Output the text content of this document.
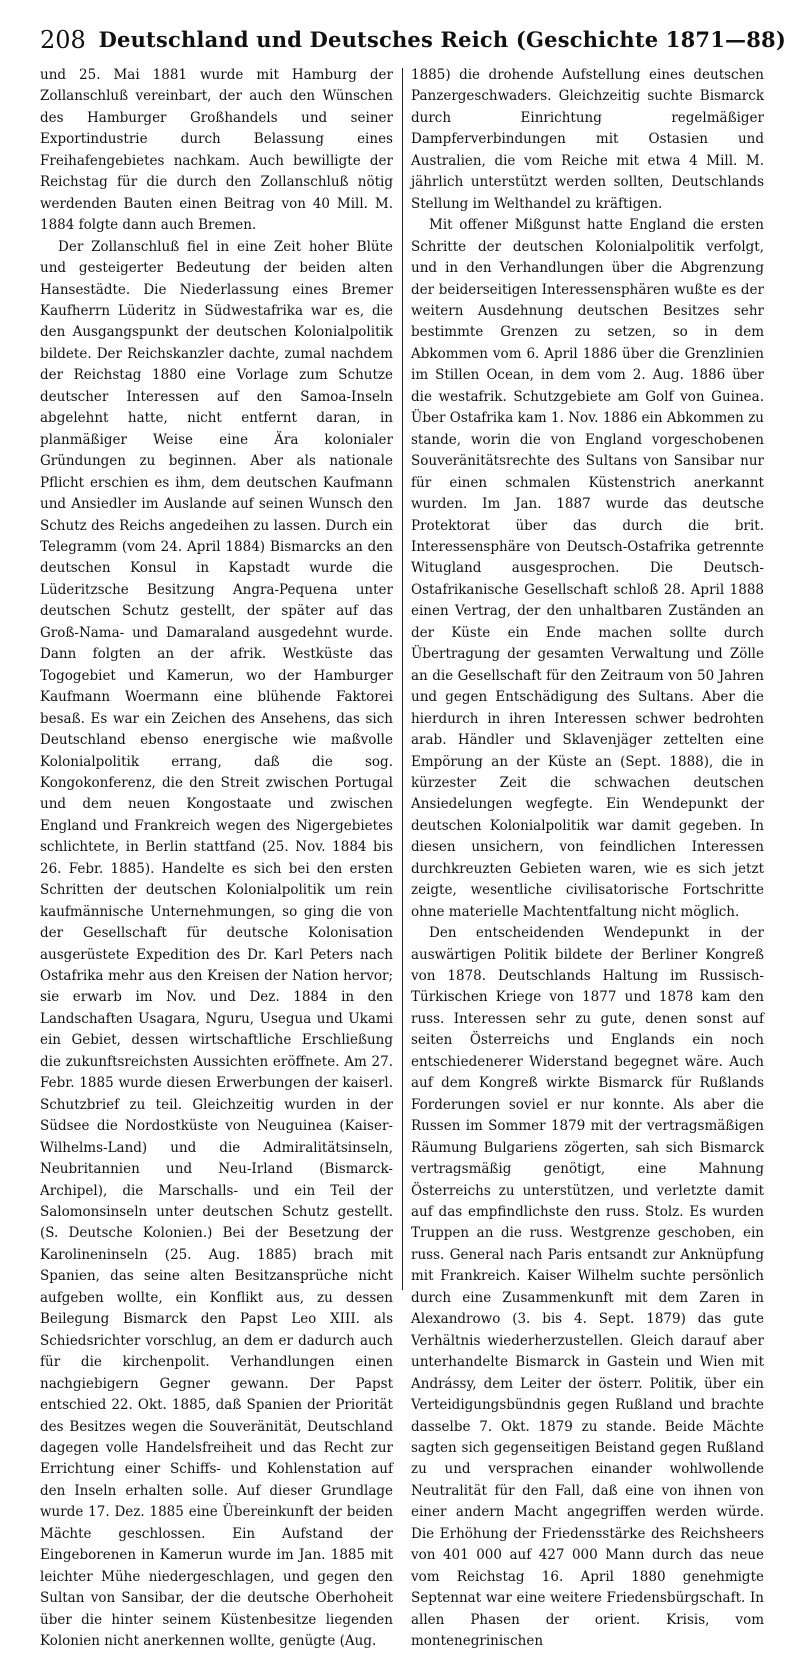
208 Deutschland und Deutsches Reich (Geschichte 1871—88)

und 25. Mai 1881 wurde mit Hamburg der Zollanschluß vereinbart, der auch den Wünschen des Hamburger Großhandels und seiner Exportindustrie durch Belassung eines Freihafengebietes nachkam. Auch bewilligte der Reichstag für die durch den Zollanschluß nötig werdenden Bauten einen Beitrag von 40 Mill. M. 1884 folgte dann auch Bremen.

Der Zollanschluß fiel in eine Zeit hoher Blüte und gesteigerter Bedeutung der beiden alten Hansestädte. Die Niederlassung eines Bremer Kaufherrn Lüderitz in Südwestafrika war es, die den Ausgangspunkt der deutschen Kolonialpolitik bildete. Der Reichskanzler dachte, zumal nachdem der Reichstag 1880 eine Vorlage zum Schutze deutscher Interessen auf den Samoa-Inseln abgelehnt hatte, nicht entfernt daran, in planmäßiger Weise eine Ära kolonialer Gründungen zu beginnen. Aber als nationale Pflicht erschien es ihm, dem deutschen Kaufmann und Ansiedler im Auslande auf seinen Wunsch den Schutz des Reichs angedeihen zu lassen. Durch ein Telegramm (vom 24. April 1884) Bismarcks an den deutschen Konsul in Kapstadt wurde die Lüderitzsche Besitzung Angra-Pequena unter deutschen Schutz gestellt, der später auf das Groß-Nama- und Damaraland ausgedehnt wurde. Dann folgten an der afrik. Westküste das Togogebiet und Kamerun, wo der Hamburger Kaufmann Woermann eine blühende Faktorei besaß. Es war ein Zeichen des Ansehens, das sich Deutschland ebenso energische wie maßvolle Kolonialpolitik errang, daß die sog. Kongokonferenz, die den Streit zwischen Portugal und dem neuen Kongostaate und zwischen England und Frankreich wegen des Nigergebietes schlichtete, in Berlin stattfand (25. Nov. 1884 bis 26. Febr. 1885). Handelte es sich bei den ersten Schritten der deutschen Kolonialpolitik um rein kaufmännische Unternehmungen, so ging die von der Gesellschaft für deutsche Kolonisation ausgerüstete Expedition des Dr. Karl Peters nach Ostafrika mehr aus den Kreisen der Nation hervor; sie erwarb im Nov. und Dez. 1884 in den Landschaften Usagara, Nguru, Usegua und Ukami ein Gebiet, dessen wirtschaftliche Erschließung die zukunftsreichsten Aussichten eröffnete. Am 27. Febr. 1885 wurde diesen Erwerbungen der kaiserl. Schutzbrief zu teil. Gleichzeitig wurden in der Südsee die Nordostküste von Neuguinea (Kaiser-Wilhelms-Land) und die Admiralitätsinseln, Neubritannien und Neu-Irland (Bismarck-Archipel), die Marschalls- und ein Teil der Salomonsinseln unter deutschen Schutz gestellt. (S. Deutsche Kolonien.) Bei der Besetzung der Karolineninseln (25. Aug. 1885) brach mit Spanien, das seine alten Besitzansprüche nicht aufgeben wollte, ein Konflikt aus, zu dessen Beilegung Bismarck den Papst Leo XIII. als Schiedsrichter vorschlug, an dem er dadurch auch für die kirchenpolit. Verhandlungen einen nachgiebigern Gegner gewann. Der Papst entschied 22. Okt. 1885, daß Spanien der Priorität des Besitzes wegen die Souveränität, Deutschland dagegen volle Handelsfreiheit und das Recht zur Errichtung einer Schiffs- und Kohlenstation auf den Inseln erhalten solle. Auf dieser Grundlage wurde 17. Dez. 1885 eine Übereinkunft der beiden Mächte geschlossen. Ein Aufstand der Eingeborenen in Kamerun wurde im Jan. 1885 mit leichter Mühe niedergeschlagen, und gegen den Sultan von Sansibar, der die deutsche Oberhoheit über die hinter seinem Küstenbesitze liegenden Kolonien nicht anerkennen wollte, genügte (Aug.

1885) die drohende Aufstellung eines deutschen Panzergeschwaders. Gleichzeitig suchte Bismarck durch Einrichtung regelmäßiger Dampferverbindungen mit Ostasien und Australien, die vom Reiche mit etwa 4 Mill. M. jährlich unterstützt werden sollten, Deutschlands Stellung im Welthandel zu kräftigen.

Mit offener Mißgunst hatte England die ersten Schritte der deutschen Kolonialpolitik verfolgt, und in den Verhandlungen über die Abgrenzung der beiderseitigen Interessensphären wußte es der weitern Ausdehnung deutschen Besitzes sehr bestimmte Grenzen zu setzen, so in dem Abkommen vom 6. April 1886 über die Grenzlinien im Stillen Ocean, in dem vom 2. Aug. 1886 über die westafrik. Schutzgebiete am Golf von Guinea. Über Ostafrika kam 1. Nov. 1886 ein Abkommen zu stande, worin die von England vorgeschobenen Souveränitätsrechte des Sultans von Sansibar nur für einen schmalen Küstenstrich anerkannt wurden. Im Jan. 1887 wurde das deutsche Protektorat über das durch die brit. Interessensphäre von Deutsch-Ostafrika getrennte Witugland ausgesprochen. Die Deutsch-Ostafrikanische Gesellschaft schloß 28. April 1888 einen Vertrag, der den unhaltbaren Zuständen an der Küste ein Ende machen sollte durch Übertragung der gesamten Verwaltung und Zölle an die Gesellschaft für den Zeitraum von 50 Jahren und gegen Entschädigung des Sultans. Aber die hierdurch in ihren Interessen schwer bedrohten arab. Händler und Sklavenjäger zettelten eine Empörung an der Küste an (Sept. 1888), die in kürzester Zeit die schwachen deutschen Ansiedelungen wegfegte. Ein Wendepunkt der deutschen Kolonialpolitik war damit gegeben. In diesen unsichern, von feindlichen Interessen durchkreuzten Gebieten waren, wie es sich jetzt zeigte, wesentliche civilisatorische Fortschritte ohne materielle Machtentfaltung nicht möglich.

Den entscheidenden Wendepunkt in der auswärtigen Politik bildete der Berliner Kongreß von 1878. Deutschlands Haltung im Russisch-Türkischen Kriege von 1877 und 1878 kam den russ. Interessen sehr zu gute, denen sonst auf seiten Österreichs und Englands ein noch entschiedenerer Widerstand begegnet wäre. Auch auf dem Kongreß wirkte Bismarck für Rußlands Forderungen soviel er nur konnte. Als aber die Russen im Sommer 1879 mit der vertragsmäßigen Räumung Bulgariens zögerten, sah sich Bismarck vertragsmäßig genötigt, eine Mahnung Österreichs zu unterstützen, und verletzte damit auf das empfindlichste den russ. Stolz. Es wurden Truppen an die russ. Westgrenze geschoben, ein russ. General nach Paris entsandt zur Anknüpfung mit Frankreich. Kaiser Wilhelm suchte persönlich durch eine Zusammenkunft mit dem Zaren in Alexandrowo (3. bis 4. Sept. 1879) das gute Verhältnis wiederherzustellen. Gleich darauf aber unterhandelte Bismarck in Gastein und Wien mit Andrássy, dem Leiter der österr. Politik, über ein Verteidigungsbündnis gegen Rußland und brachte dasselbe 7. Okt. 1879 zu stande. Beide Mächte sagten sich gegenseitigen Beistand gegen Rußland zu und versprachen einander wohlwollende Neutralität für den Fall, daß eine von ihnen von einer andern Macht angegriffen werden würde. Die Erhöhung der Friedensstärke des Reichsheers von 401 000 auf 427 000 Mann durch das neue vom Reichstag 16. April 1880 genehmigte Septennat war eine weitere Friedensbürgschaft. In allen Phasen der orient. Krisis, vom montenegrinischen
